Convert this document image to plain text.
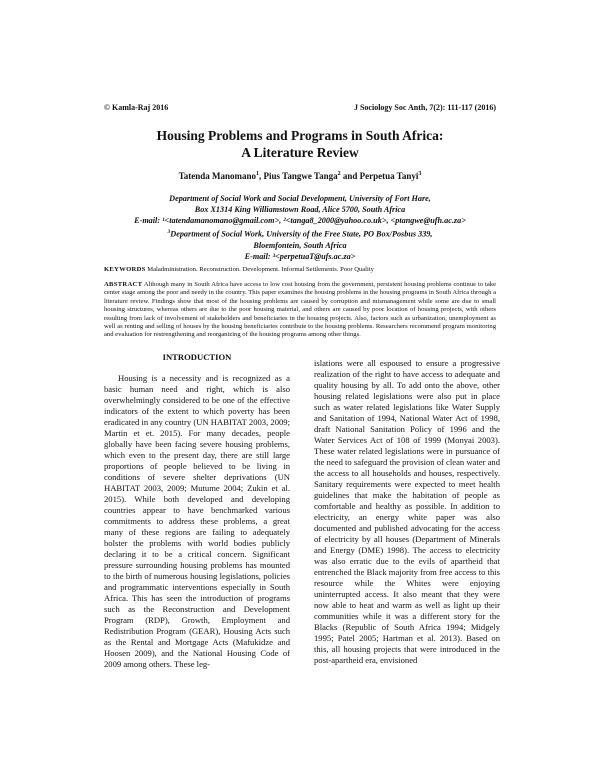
© Kamla-Raj 2016	J Sociology Soc Anth, 7(2): 111-117 (2016)
Housing Problems and Programs in South Africa:
A Literature Review
Tatenda Manomano$^1$, Pius Tangwe Tanga$^2$ and Perpetua Tanyi$^3$
Department of Social Work and Social Development, University of Fort Hare,
Box X1314 King Williamstown Road, Alice 5700, South Africa
E-mail: ¹<tatendamanomano@gmail.com>, ²<tanga8_2000@yahoo.co.uk>, <ptangwe@ufh.ac.za>
$^3$Department of Social Work, University of the Free State, PO Box/Posbus 339,
Bloemfontein, South Africa
E-mail: ³<perpetuaT@ufs.ac.za>
KEYWORDS Maladministration. Reconstruction. Development. Informal Settlements. Poor Quality
ABSTRACT Although many in South Africa have access to low cost housing from the government, persistent housing problems continue to take center stage among the poor and needy in the country. This paper examines the housing problems in the housing programs in South Africa through a literature review. Findings show that most of the housing problems are caused by corruption and mismanagement while some are due to small housing structures, whereas others are due to the poor housing material, and others are caused by poor location of housing projects, with others resulting from lack of involvement of stakeholders and beneficiaries in the housing projects. Also, factors such as urbanization, unemployment as well as renting and selling of houses by the housing beneficiaries contribute to the housing problems. Researchers recommend program monitoring and evaluation for restrengthening and reorganizing of the housing programs among other things.
INTRODUCTION

Housing is a necessity and is recognized as a basic human need and right, which is also overwhelmingly considered to be one of the effective indicators of the extent to which poverty has been eradicated in any country (UN HABITAT 2003, 2009; Martin et et. 2015). For many decades, people globally have been facing severe housing problems, which even to the present day, there are still large proportions of people believed to be living in conditions of severe shelter deprivations (UN HABITAT 2003, 2009; Mutume 2004; Zukin et al. 2015). While both developed and developing countries appear to have benchmarked various commitments to address these problems, a great many of these regions are failing to adequately bolster the problems with world bodies publicly declaring it to be a critical concern. Significant pressure surrounding housing problems has mounted to the birth of numerous housing legislations, policies and programmatic interventions especially in South Africa. This has seen the introduction of programs such as the Reconstruction and Development Program (RDP), Growth, Employment and Redistribution Program (GEAR), Housing Acts such as the Rental and Mortgage Acts (Mafukidze and Hoosen 2009), and the National Housing Code of 2009 among others. These leg-

islations were all espoused to ensure a progressive realization of the right to have access to adequate and quality housing by all. To add onto the above, other housing related legislations were also put in place such as water related legislations like Water Supply and Sanitation of 1994, National Water Act of 1998, draft National Sanitation Policy of 1996 and the Water Services Act of 108 of 1999 (Monyai 2003). These water related legislations were in pursuance of the need to safeguard the provision of clean water and the access to all households and houses, respectively. Sanitary requirements were expected to meet health guidelines that make the habitation of people as comfortable and healthy as possible. In addition to electricity, an energy white paper was also documented and published advocating for the access of electricity by all houses (Department of Minerals and Energy (DME) 1998). The access to electricity was also erratic due to the evils of apartheid that entrenched the Black majority from free access to this resource while the Whites were enjoying uninterrupted access. It also meant that they were now able to heat and warm as well as light up their communities while it was a different story for the Blacks (Republic of South Africa 1994; Midgely 1995; Patel 2005; Hartman et al. 2013). Based on this, all housing projects that were introduced in the post-apartheid era, envisioned
